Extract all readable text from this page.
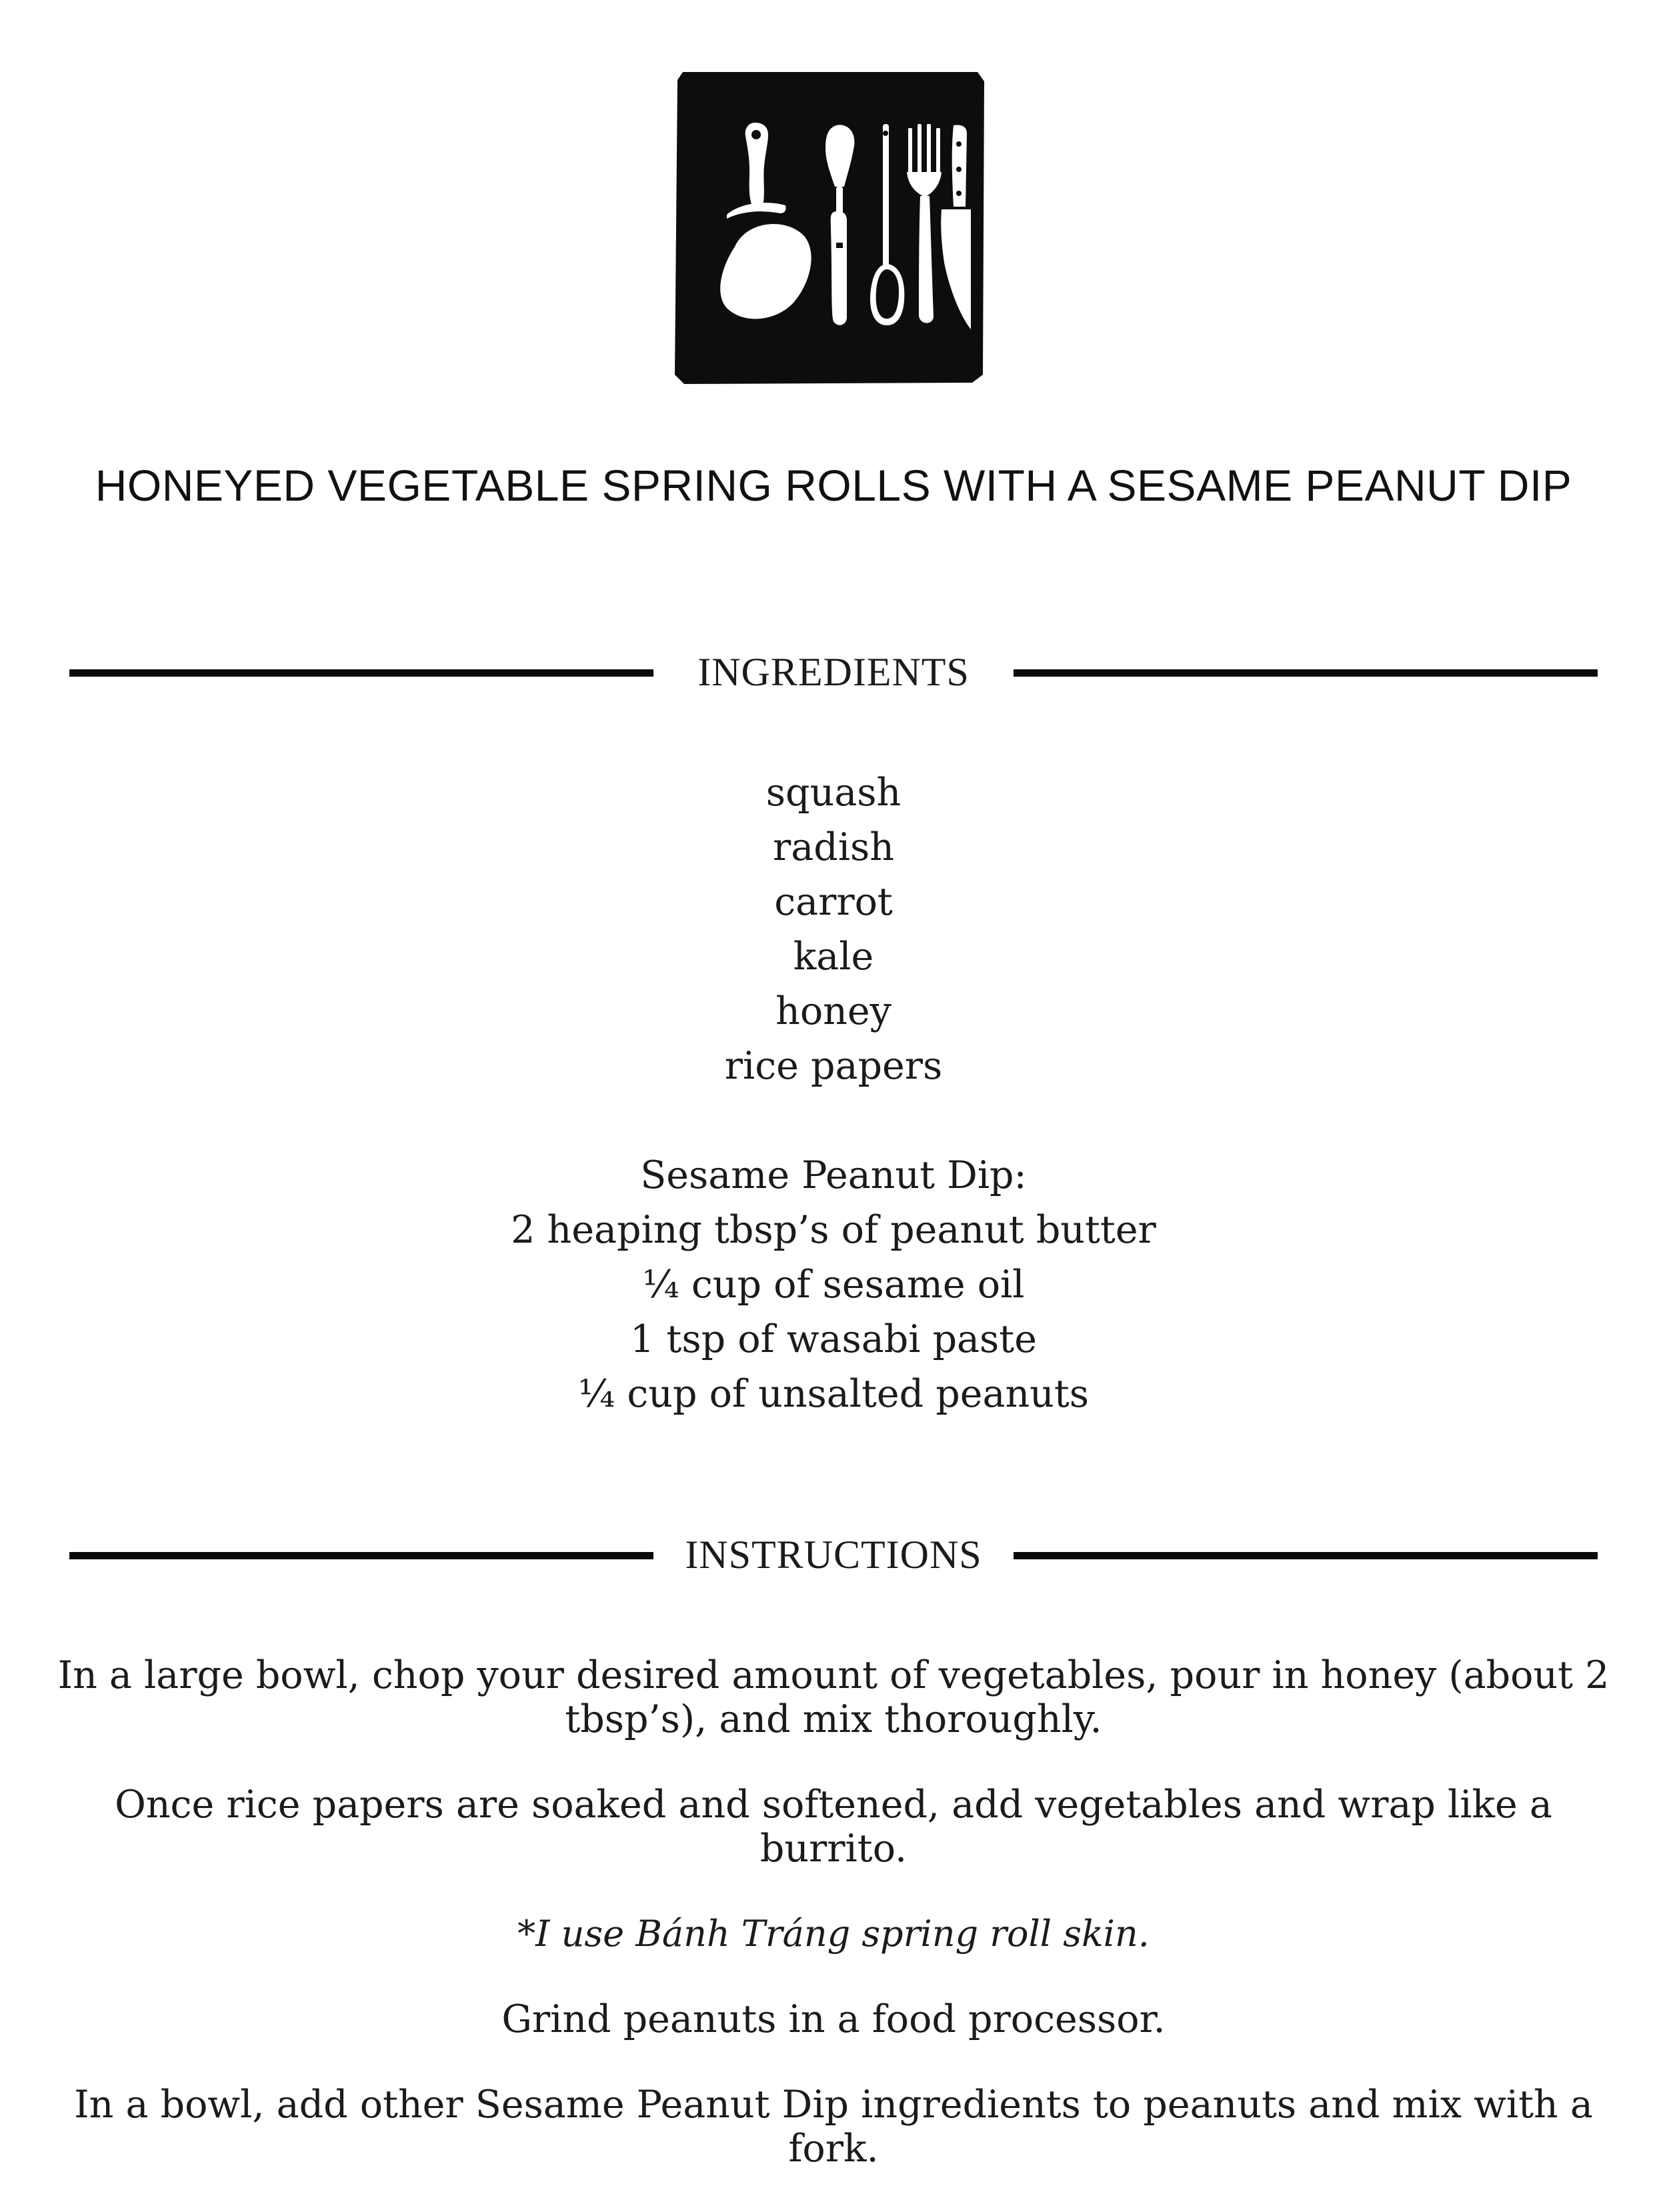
HONEYED VEGETABLE SPRING ROLLS WITH A SESAME PEANUT DIP
INGREDIENTS
squash
radish
carrot
kale
honey
rice papers
Sesame Peanut Dip:
2 heaping tbsp’s of peanut butter
¼ cup of sesame oil
1 tsp of wasabi paste
¼ cup of unsalted peanuts
INSTRUCTIONS

In a large bowl, chop your desired amount of vegetables, pour in honey (about 2 tbsp’s), and mix thoroughly.

Once rice papers are soaked and softened, add vegetables and wrap like a burrito.

*I use Bánh Tráng spring roll skin.

Grind peanuts in a food processor.

In a bowl, add other Sesame Peanut Dip ingredients to peanuts and mix with a fork.
